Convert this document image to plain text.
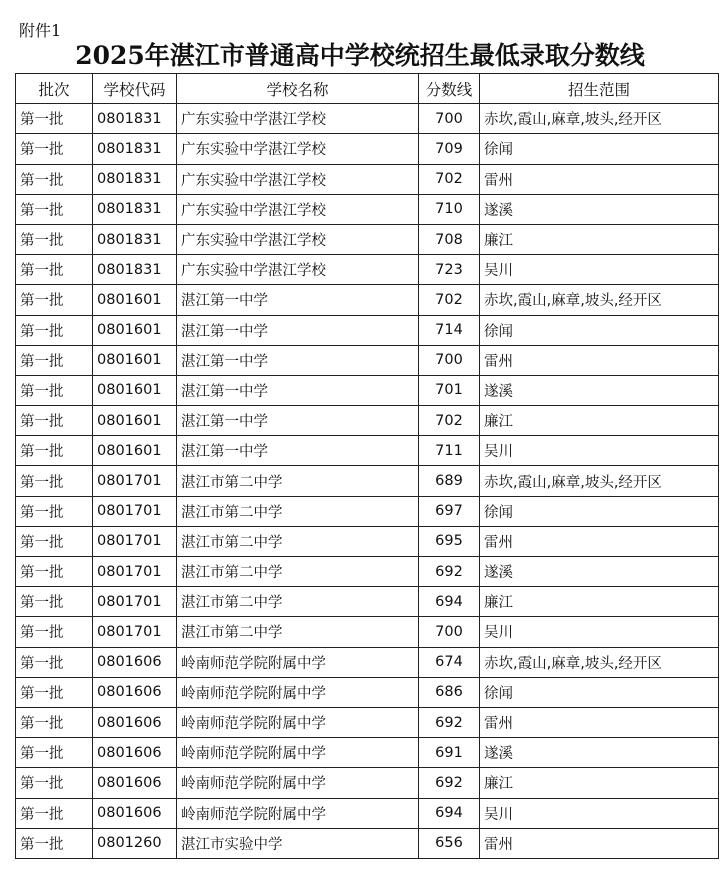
附件1
2025年湛江市普通高中学校统招生最低录取分数线
批次	学校代码	学校名称	分数线	招生范围
第一批	0801831	广东实验中学湛江学校	700	赤坎,霞山,麻章,坡头,经开区
第一批	0801831	广东实验中学湛江学校	709	徐闻
第一批	0801831	广东实验中学湛江学校	702	雷州
第一批	0801831	广东实验中学湛江学校	710	遂溪
第一批	0801831	广东实验中学湛江学校	708	廉江
第一批	0801831	广东实验中学湛江学校	723	吴川
第一批	0801601	湛江第一中学	702	赤坎,霞山,麻章,坡头,经开区
第一批	0801601	湛江第一中学	714	徐闻
第一批	0801601	湛江第一中学	700	雷州
第一批	0801601	湛江第一中学	701	遂溪
第一批	0801601	湛江第一中学	702	廉江
第一批	0801601	湛江第一中学	711	吴川
第一批	0801701	湛江市第二中学	689	赤坎,霞山,麻章,坡头,经开区
第一批	0801701	湛江市第二中学	697	徐闻
第一批	0801701	湛江市第二中学	695	雷州
第一批	0801701	湛江市第二中学	692	遂溪
第一批	0801701	湛江市第二中学	694	廉江
第一批	0801701	湛江市第二中学	700	吴川
第一批	0801606	岭南师范学院附属中学	674	赤坎,霞山,麻章,坡头,经开区
第一批	0801606	岭南师范学院附属中学	686	徐闻
第一批	0801606	岭南师范学院附属中学	692	雷州
第一批	0801606	岭南师范学院附属中学	691	遂溪
第一批	0801606	岭南师范学院附属中学	692	廉江
第一批	0801606	岭南师范学院附属中学	694	吴川
第一批	0801260	湛江市实验中学	656	雷州
